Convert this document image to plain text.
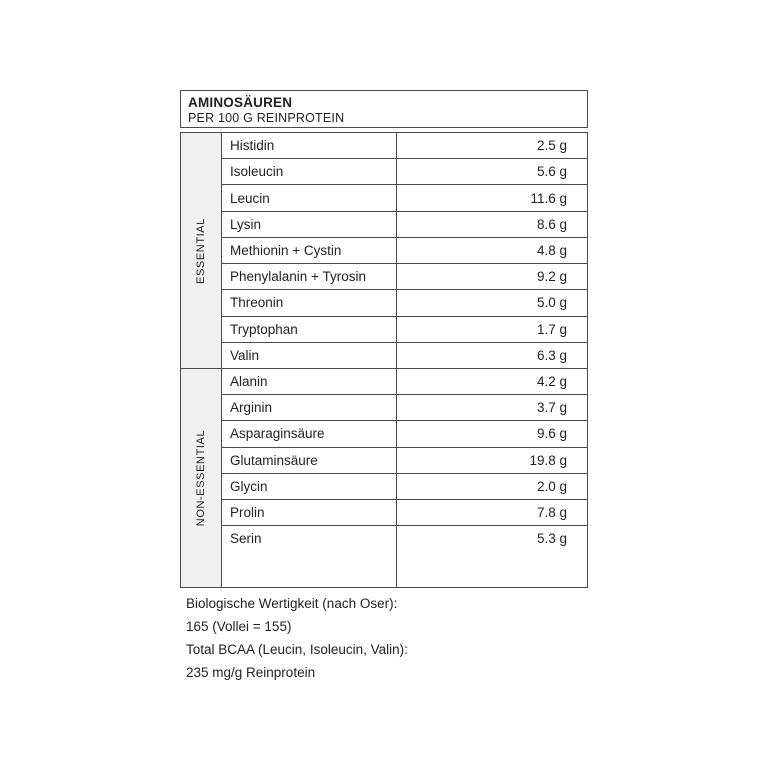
AMINOSÄUREN
PER 100 G REINPROTEIN
ESSENTIAL
Histidin	2.5 g
Isoleucin	5.6 g
Leucin	11.6 g
Lysin	8.6 g
Methionin + Cystin	4.8 g
Phenylalanin + Tyrosin	9.2 g
Threonin	5.0 g
Tryptophan	1.7 g
Valin	6.3 g
NON-ESSENTIAL
Alanin	4.2 g
Arginin	3.7 g
Asparaginsäure	9.6 g
Glutaminsäure	19.8 g
Glycin	2.0 g
Prolin	7.8 g
Serin	5.3 g
Biologische Wertigkeit (nach Oser):
165 (Vollei = 155)
Total BCAA (Leucin, Isoleucin, Valin):
235 mg/g Reinprotein
